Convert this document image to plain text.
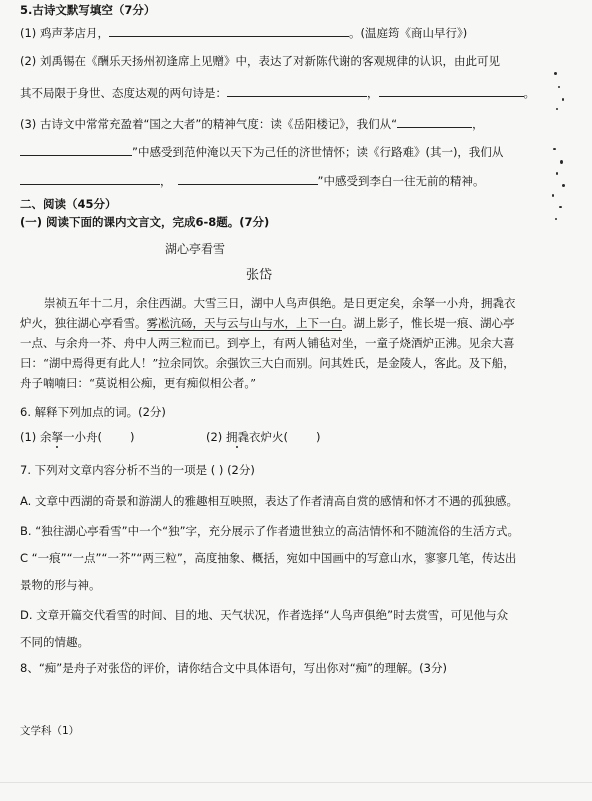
5.古诗文默写填空（7分）
(1) 鸡声茅店月，	。(温庭筠《商山早行》)
(2) 刘禹锡在《酬乐天扬州初逢席上见赠》中，表达了对新陈代谢的客观规律的认识，由此可见
其不局限于身世、态度达观的两句诗是：	，	。
(3) 古诗文中常常充盈着“国之大者”的精神气度：读《岳阳楼记》，我们从“	，
”中感受到范仲淹以天下为己任的济世情怀；读《行路难》(其一)，我们从
，	”中感受到李白一往无前的精神。
二、阅读（45分）
(一) 阅读下面的课内文言文，完成6-8题。(7分)
湖心亭看雪
张岱
崇祯五年十二月，余住西湖。大雪三日，湖中人鸟声俱绝。是日更定矣，余拏一小舟，拥毳衣
炉火，独往湖心亭看雪。雾凇沆砀，天与云与山与水，上下一白。湖上影子，惟长堤一痕、湖心亭
一点、与余舟一芥、舟中人两三粒而已。到亭上，有两人铺毡对坐，一童子烧酒炉正沸。见余大喜
曰：“湖中焉得更有此人！”拉余同饮。余强饮三大白而别。问其姓氏，是金陵人，客此。及下船，
舟子喃喃曰：“莫说相公痴，更有痴似相公者。”
6. 解释下列加点的词。(2分)
(1) 余拏一小舟( )	(2) 拥毳衣炉火( )
7. 下列对文章内容分析不当的一项是 ( ) (2分)
A. 文章中西湖的奇景和游湖人的雅趣相互映照，表达了作者清高自赏的感情和怀才不遇的孤独感。
B. “独往湖心亭看雪”中一个“独”字，充分展示了作者遗世独立的高洁情怀和不随流俗的生活方式。
C “一痕”“一点”“一芥”“两三粒”，高度抽象、概括，宛如中国画中的写意山水，寥寥几笔，传达出
景物的形与神。
D. 文章开篇交代看雪的时间、目的地、天气状况，作者选择“人鸟声俱绝”时去赏雪，可见他与众
不同的情趣。
8、“痴”是舟子对张岱的评价，请你结合文中具体语句，写出你对“痴”的理解。(3分)
文学科（1）
